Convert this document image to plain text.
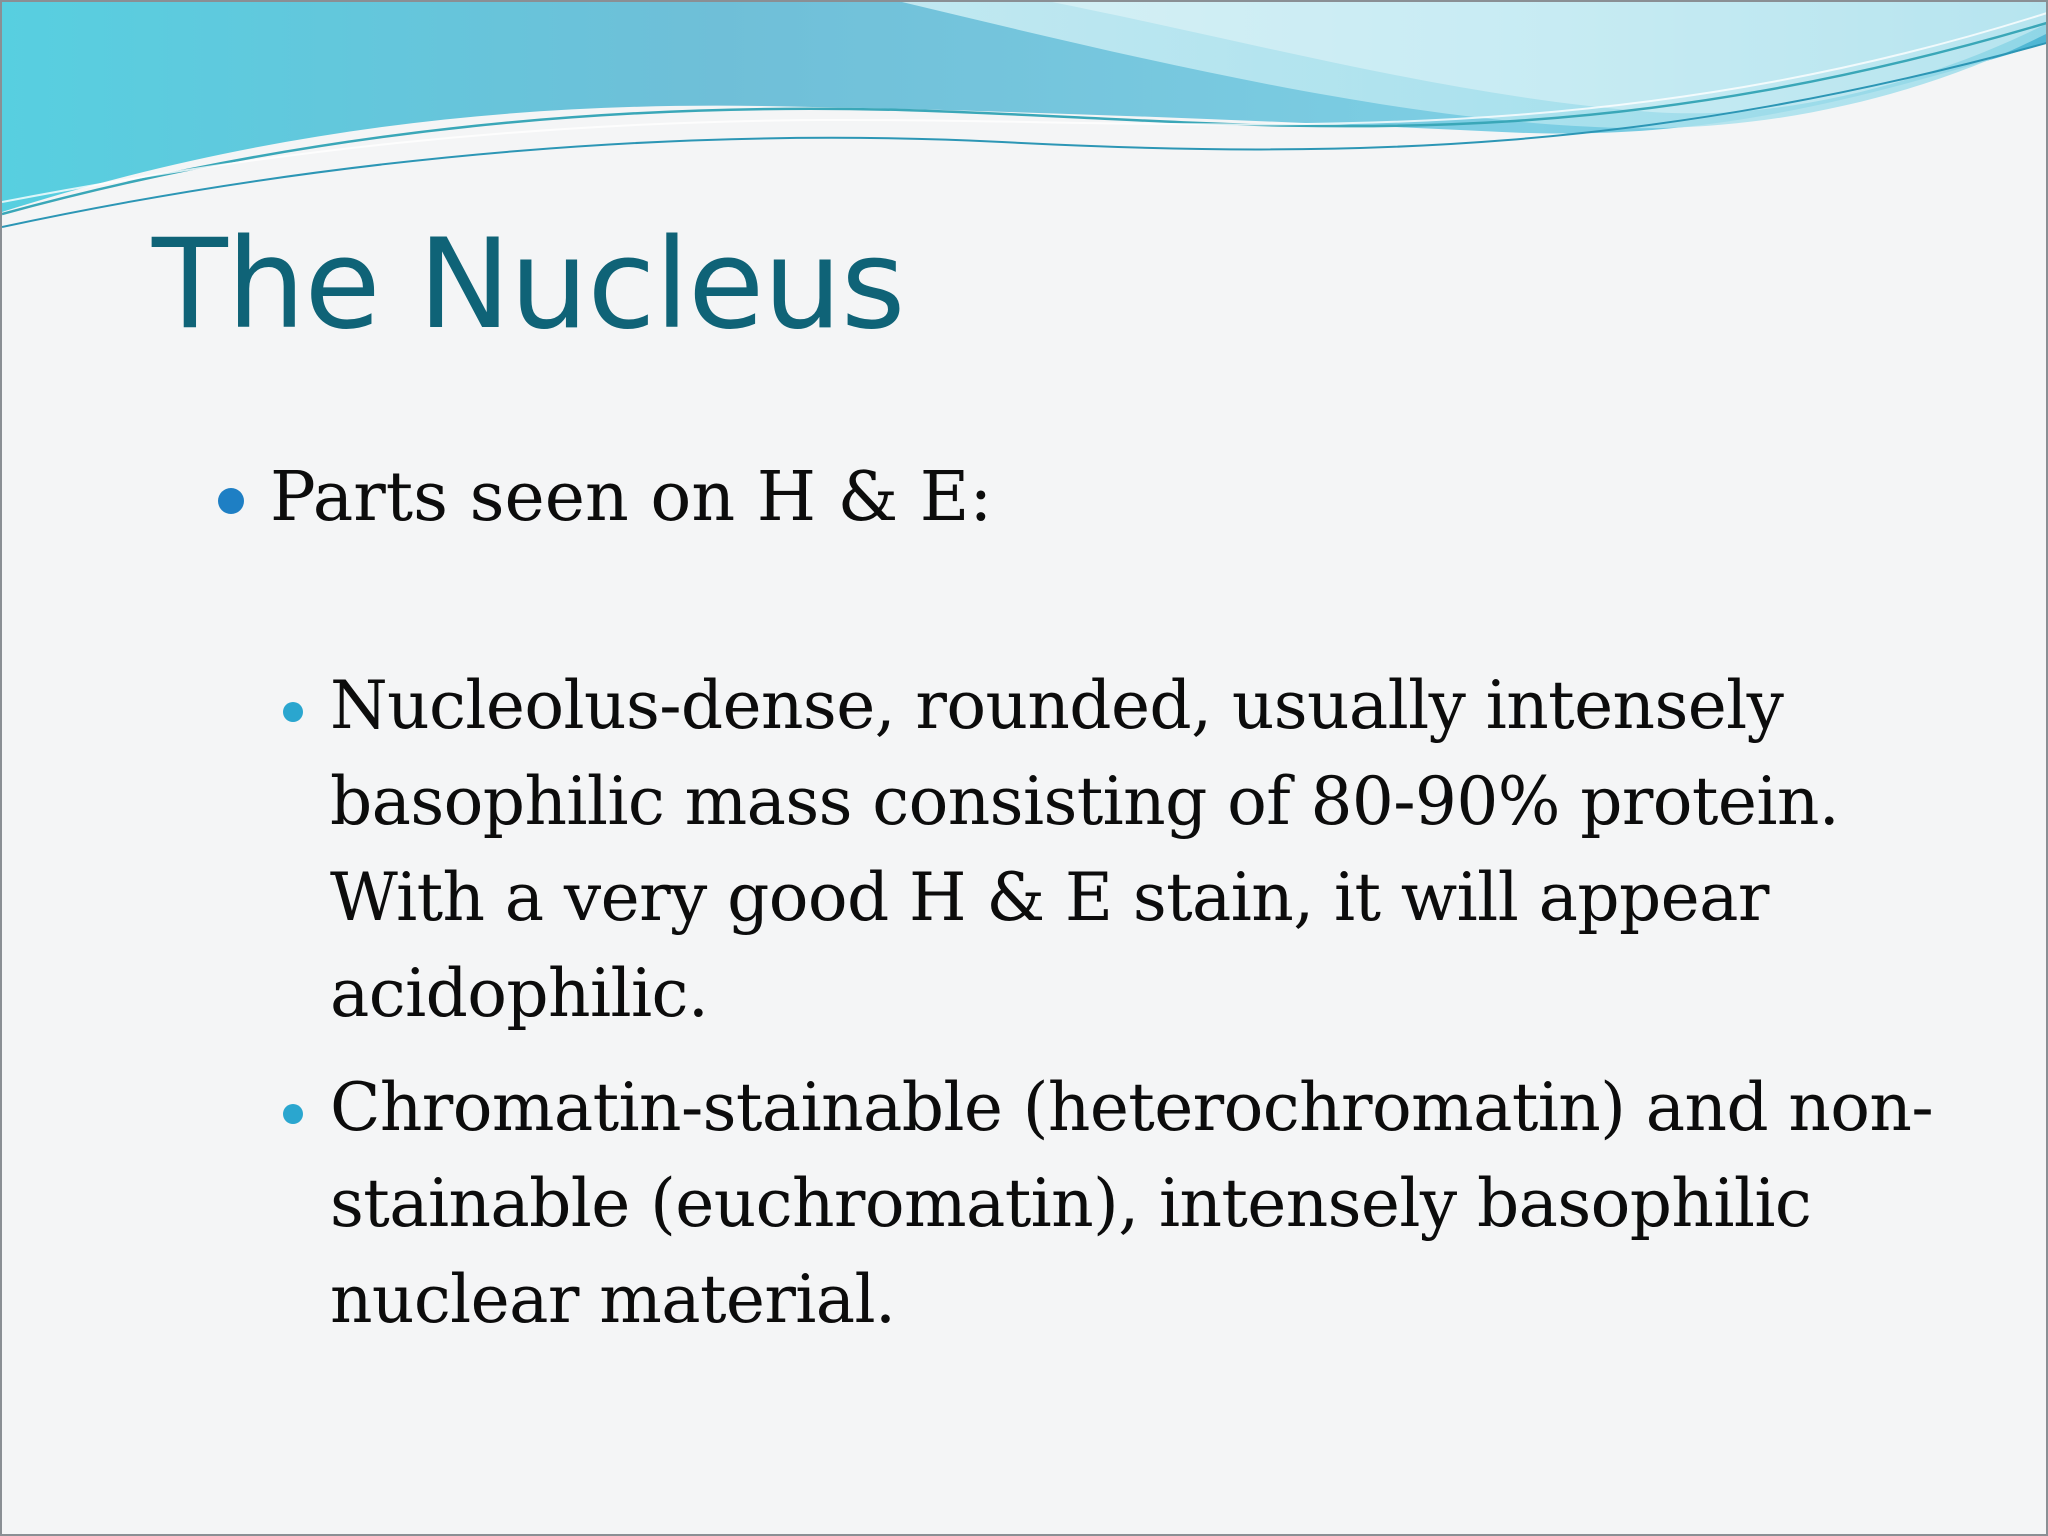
The Nucleus
Parts seen on H & E:
Nucleolus-dense, rounded, usually intensely basophilic mass consisting of 80-90% protein. With a very good H & E stain, it will appear acidophilic.
Chromatin-stainable (heterochromatin) and non-stainable (euchromatin), intensely basophilic nuclear material.
